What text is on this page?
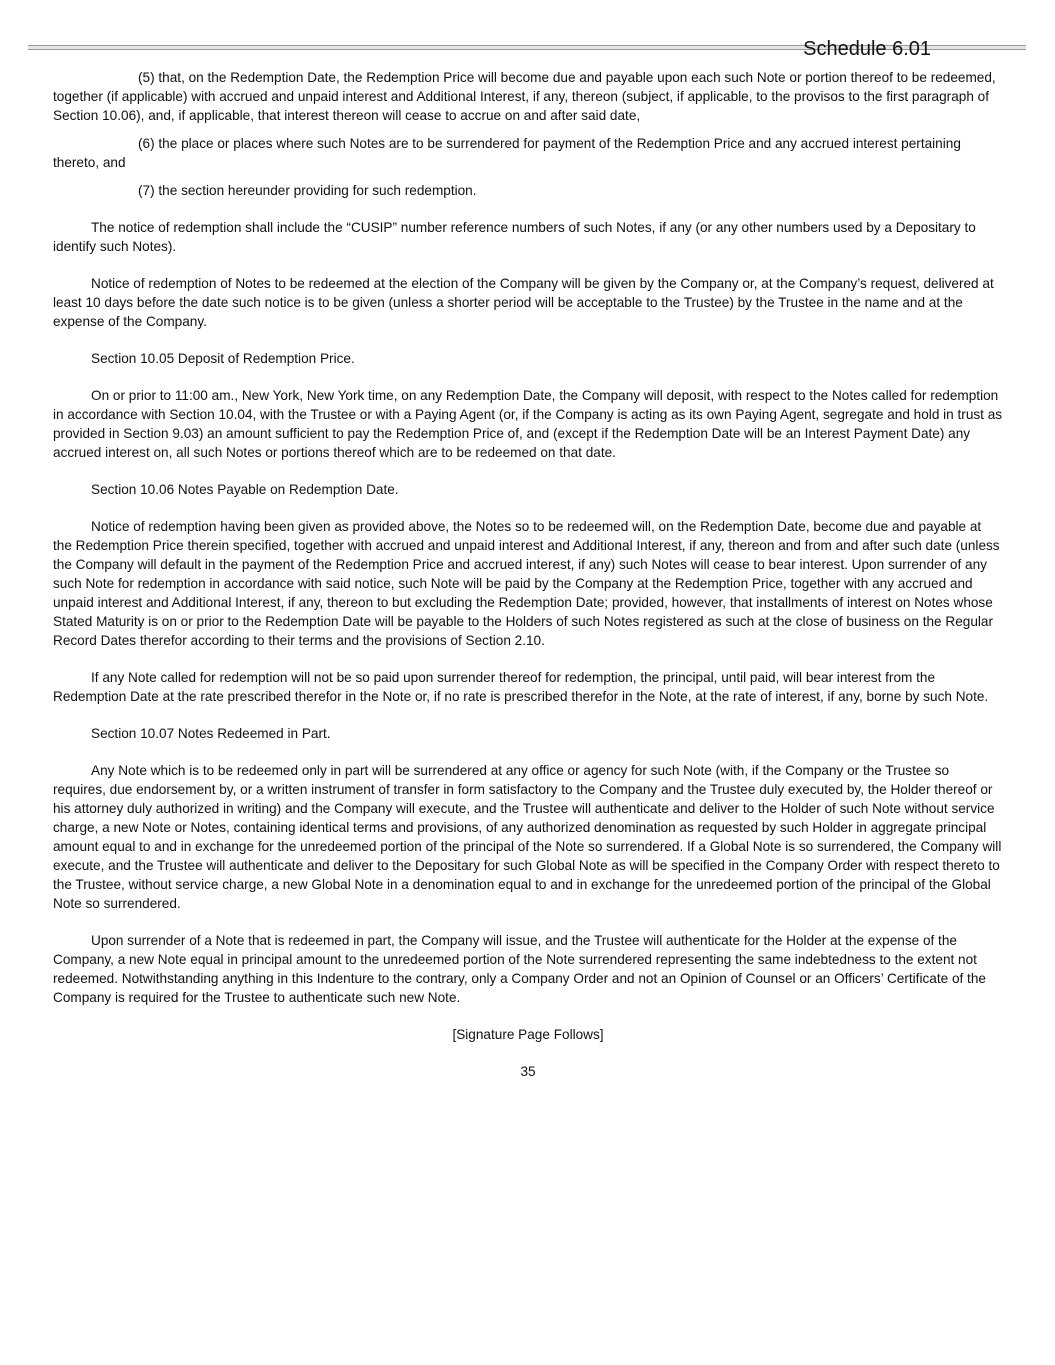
Schedule 6.01

(5) that, on the Redemption Date, the Redemption Price will become due and payable upon each such Note or portion thereof to be redeemed, together (if applicable) with accrued and unpaid interest and Additional Interest, if any, thereon (subject, if applicable, to the provisos to the first paragraph of Section 10.06), and, if applicable, that interest thereon will cease to accrue on and after said date,

(6) the place or places where such Notes are to be surrendered for payment of the Redemption Price and any accrued interest pertaining thereto, and

(7) the section hereunder providing for such redemption.

The notice of redemption shall include the “CUSIP” number reference numbers of such Notes, if any (or any other numbers used by a Depositary to identify such Notes).

Notice of redemption of Notes to be redeemed at the election of the Company will be given by the Company or, at the Company’s request, delivered at least 10 days before the date such notice is to be given (unless a shorter period will be acceptable to the Trustee) by the Trustee in the name and at the expense of the Company.

Section 10.05 Deposit of Redemption Price.

On or prior to 11:00 am., New York, New York time, on any Redemption Date, the Company will deposit, with respect to the Notes called for redemption in accordance with Section 10.04, with the Trustee or with a Paying Agent (or, if the Company is acting as its own Paying Agent, segregate and hold in trust as provided in Section 9.03) an amount sufficient to pay the Redemption Price of, and (except if the Redemption Date will be an Interest Payment Date) any accrued interest on, all such Notes or portions thereof which are to be redeemed on that date.

Section 10.06 Notes Payable on Redemption Date.

Notice of redemption having been given as provided above, the Notes so to be redeemed will, on the Redemption Date, become due and payable at the Redemption Price therein specified, together with accrued and unpaid interest and Additional Interest, if any, thereon and from and after such date (unless the Company will default in the payment of the Redemption Price and accrued interest, if any) such Notes will cease to bear interest. Upon surrender of any such Note for redemption in accordance with said notice, such Note will be paid by the Company at the Redemption Price, together with any accrued and unpaid interest and Additional Interest, if any, thereon to but excluding the Redemption Date; provided, however, that installments of interest on Notes whose Stated Maturity is on or prior to the Redemption Date will be payable to the Holders of such Notes registered as such at the close of business on the Regular Record Dates therefor according to their terms and the provisions of Section 2.10.

If any Note called for redemption will not be so paid upon surrender thereof for redemption, the principal, until paid, will bear interest from the Redemption Date at the rate prescribed therefor in the Note or, if no rate is prescribed therefor in the Note, at the rate of interest, if any, borne by such Note.

Section 10.07 Notes Redeemed in Part.

Any Note which is to be redeemed only in part will be surrendered at any office or agency for such Note (with, if the Company or the Trustee so requires, due endorsement by, or a written instrument of transfer in form satisfactory to the Company and the Trustee duly executed by, the Holder thereof or his attorney duly authorized in writing) and the Company will execute, and the Trustee will authenticate and deliver to the Holder of such Note without service charge, a new Note or Notes, containing identical terms and provisions, of any authorized denomination as requested by such Holder in aggregate principal amount equal to and in exchange for the unredeemed portion of the principal of the Note so surrendered. If a Global Note is so surrendered, the Company will execute, and the Trustee will authenticate and deliver to the Depositary for such Global Note as will be specified in the Company Order with respect thereto to the Trustee, without service charge, a new Global Note in a denomination equal to and in exchange for the unredeemed portion of the principal of the Global Note so surrendered.

Upon surrender of a Note that is redeemed in part, the Company will issue, and the Trustee will authenticate for the Holder at the expense of the Company, a new Note equal in principal amount to the unredeemed portion of the Note surrendered representing the same indebtedness to the extent not redeemed. Notwithstanding anything in this Indenture to the contrary, only a Company Order and not an Opinion of Counsel or an Officers’ Certificate of the Company is required for the Trustee to authenticate such new Note.

[Signature Page Follows]

35
